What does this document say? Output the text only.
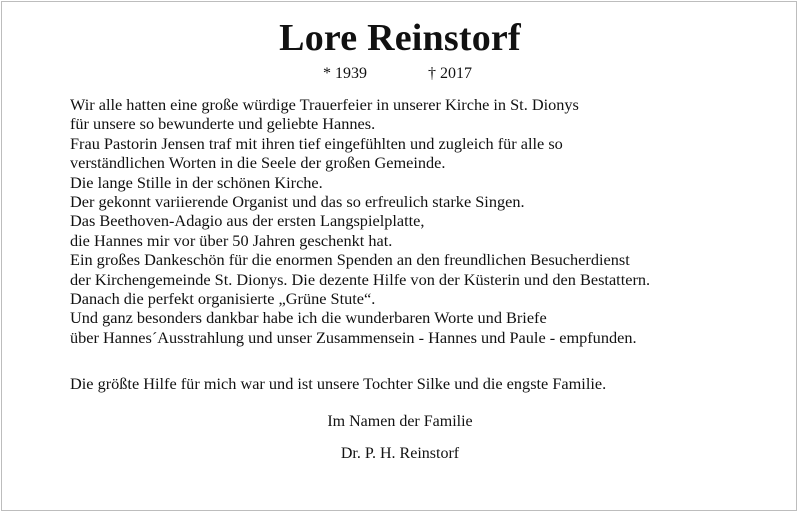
Lore Reinstorf
* 1939	† 2017
Wir alle hatten eine große würdige Trauerfeier in unserer Kirche in St. Dionys
für unsere so bewunderte und geliebte Hannes.
Frau Pastorin Jensen traf mit ihren tief eingefühlten und zugleich für alle so
verständlichen Worten in die Seele der großen Gemeinde.
Die lange Stille in der schönen Kirche.
Der gekonnt variierende Organist und das so erfreulich starke Singen.
Das Beethoven-Adagio aus der ersten Langspielplatte,
die Hannes mir vor über 50 Jahren geschenkt hat.
Ein großes Dankeschön für die enormen Spenden an den freundlichen Besucherdienst
der Kirchengemeinde St. Dionys. Die dezente Hilfe von der Küsterin und den Bestattern.
Danach die perfekt organisierte „Grüne Stute“.
Und ganz besonders dankbar habe ich die wunderbaren Worte und Briefe
über Hannes´Ausstrahlung und unser Zusammensein - Hannes und Paule - empfunden.
Die größte Hilfe für mich war und ist unsere Tochter Silke und die engste Familie.
Im Namen der Familie
Dr. P. H. Reinstorf
